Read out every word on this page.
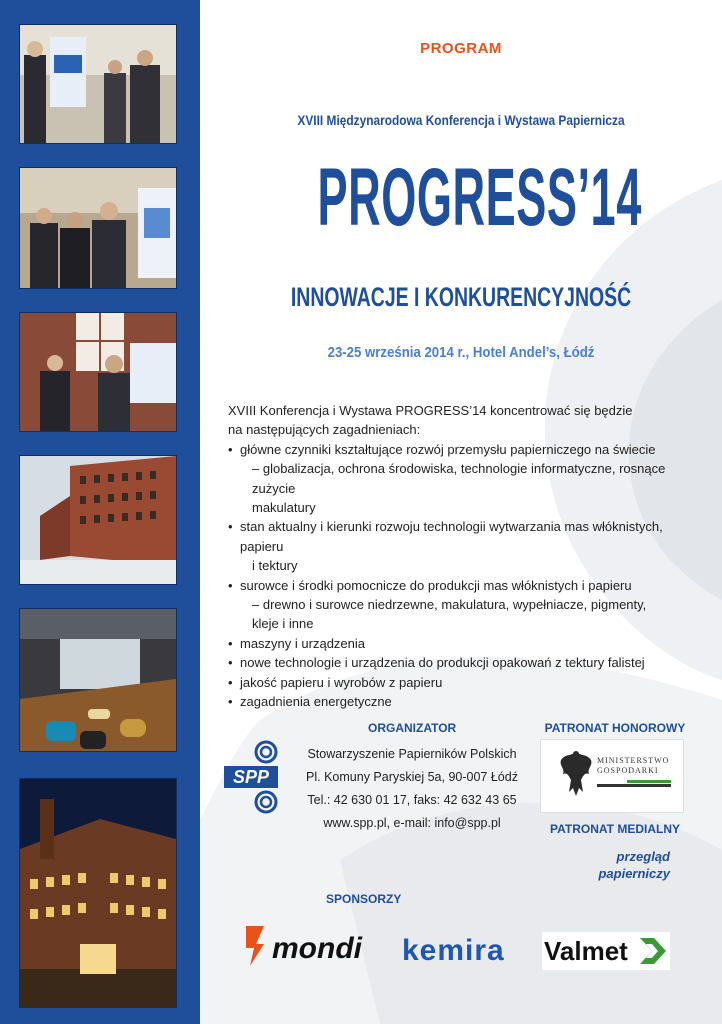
PROGRAM
XVIII Międzynarodowa Konferencja i Wystawa Papiernicza
PROGRESS’14
INNOWACJE I KONKURENCYJNOŚĆ
23-25 września 2014 r., Hotel Andel’s, Łódź

XVIII Konferencja i Wystawa PROGRESS’14 koncentrować się będzie
na następujących zagadnieniach:

• główne czynniki kształtujące rozwój przemysłu papierniczego na świecie
– globalizacja, ochrona środowiska, technologie informatyczne, rosnące zużycie
makulatury
• stan aktualny i kierunki rozwoju technologii wytwarzania mas włóknistych, papieru
i tektury
• surowce i środki pomocnicze do produkcji mas włóknistych i papieru
– drewno i surowce niedrzewne, makulatura, wypełniacze, pigmenty,
kleje i inne
• maszyny i urządzenia
• nowe technologie i urządzenia do produkcji opakowań z tektury falistej
• jakość papieru i wyrobów z papieru
• zagadnienia energetyczne
ORGANIZATOR
SPP
Stowarzyszenie Papierników Polskich
Pl. Komuny Paryskiej 5a, 90-007 Łódź
Tel.: 42 630 01 17, faks: 42 632 43 65
www.spp.pl, e-mail: info@spp.pl
PATRONAT HONOROWY
MINISTERSTWO
GOSPODARKI
PATRONAT MEDIALNY
przegląd
papierniczy
SPONSORZY
mondi kemira Valmet
